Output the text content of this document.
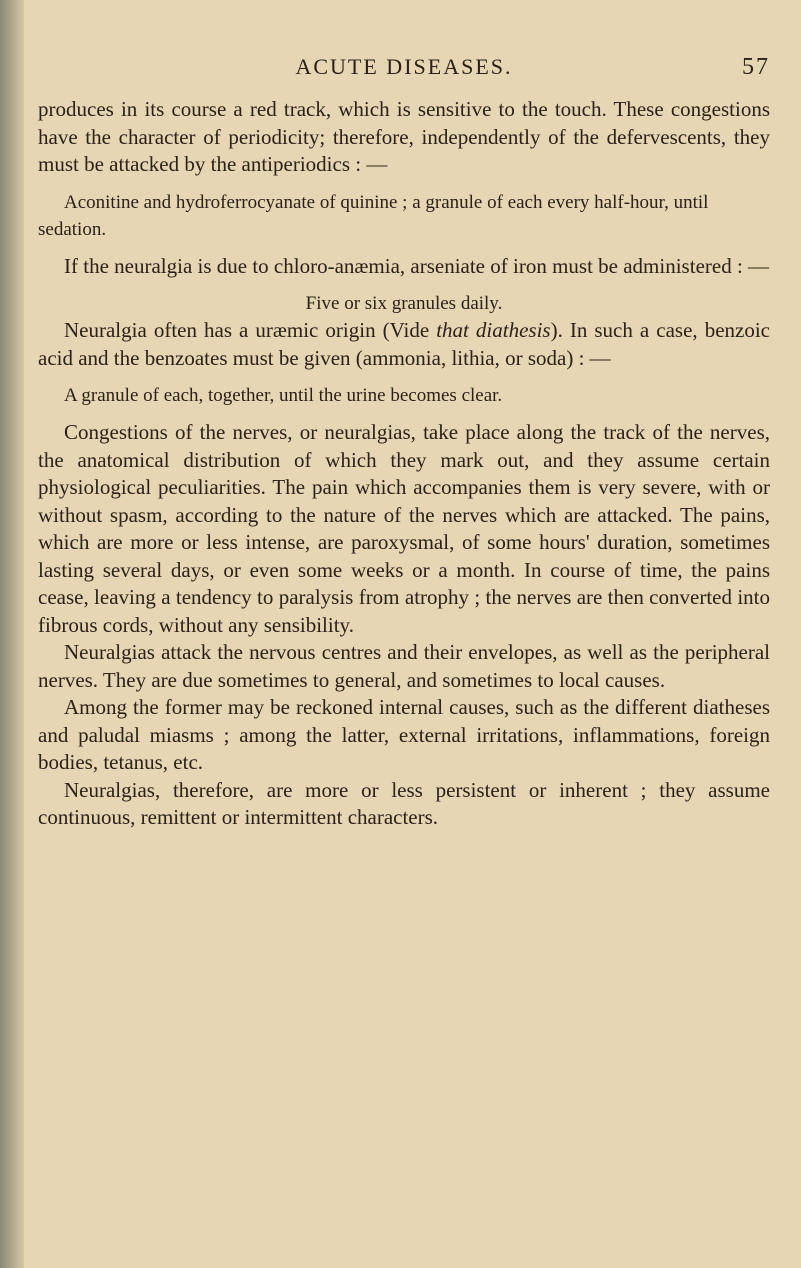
ACUTE DISEASES.	57

produces in its course a red track, which is sensitive to the touch. These congestions have the character of periodicity; therefore, independently of the defervescents, they must be attacked by the antiperiodics : —

Aconitine and hydroferrocyanate of quinine ; a granule of each every half-hour, until sedation.

If the neuralgia is due to chloro-anæmia, arseniate of iron must be administered : —

Five or six granules daily.

Neuralgia often has a uræmic origin (Vide that diathesis). In such a case, benzoic acid and the benzoates must be given (ammonia, lithia, or soda) : —

A granule of each, together, until the urine becomes clear.

Congestions of the nerves, or neuralgias, take place along the track of the nerves, the anatomical distribution of which they mark out, and they assume certain physiological peculiarities. The pain which accompanies them is very severe, with or without spasm, according to the nature of the nerves which are attacked. The pains, which are more or less intense, are paroxysmal, of some hours' duration, sometimes lasting several days, or even some weeks or a month. In course of time, the pains cease, leaving a tendency to paralysis from atrophy ; the nerves are then converted into fibrous cords, without any sensibility.

Neuralgias attack the nervous centres and their envelopes, as well as the peripheral nerves. They are due sometimes to general, and sometimes to local causes.

Among the former may be reckoned internal causes, such as the different diatheses and paludal miasms ; among the latter, external irritations, inflammations, foreign bodies, tetanus, etc.

Neuralgias, therefore, are more or less persistent or inherent ; they assume continuous, remittent or intermittent characters.
